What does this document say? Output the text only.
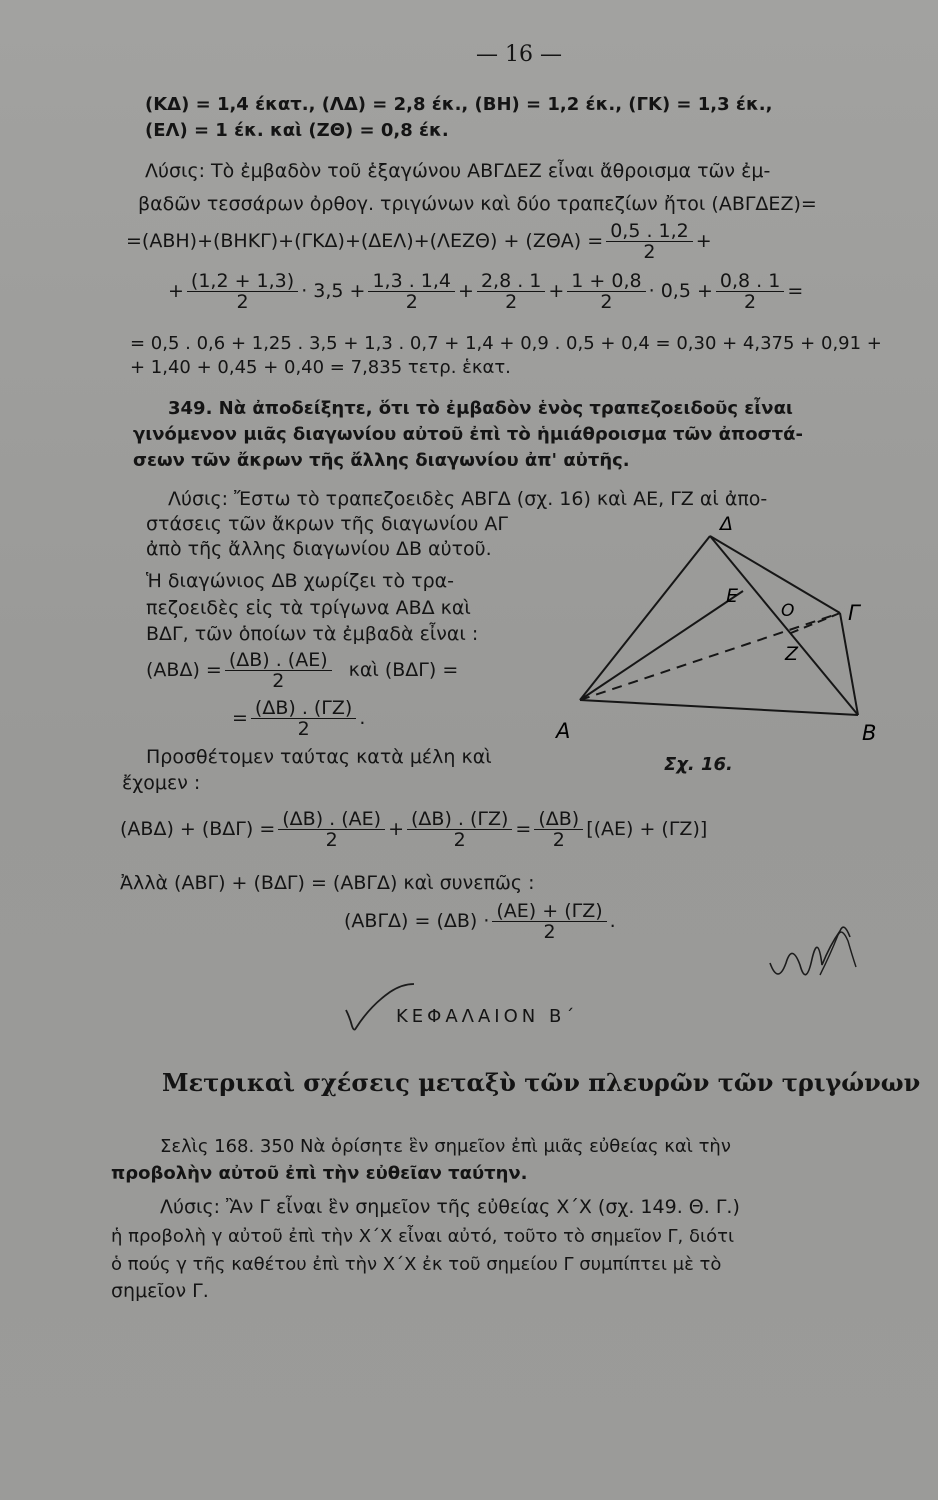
— 16 —
(ΚΔ) = 1,4 έκατ., (ΛΔ) = 2,8 έκ., (ΒΗ) = 1,2 έκ., (ΓΚ) = 1,3 έκ.,
(ΕΛ) = 1 έκ. καὶ (ΖΘ) = 0,8 έκ.
Λύσις: Τὸ ἐμβαδὸν τοῦ ἑξαγώνου ΑΒΓΔΕΖ εἶναι ἄθροισμα τῶν ἐμ-
βαδῶν τεσσάρων ὀρθογ. τριγώνων καὶ δύο τραπεζίων ἤτοι (ΑΒΓΔΕΖ)=
$=(ABH)+(BHK\Gamma)+(\Gamma K\Delta)+(\Delta E\Lambda)+(\Lambda EZ\Theta) + (Z\Theta A) = \frac{0,5 . 1,2}{2}$ +
+ $\frac{(1,2 + 1,3)}{2} \cdot 3,5 + \frac{1,3 . 1,4}{2} + \frac{2,8 . 1}{2} + \frac{1 + 0,8}{2} \cdot 0,5 + \frac{0,8 . 1}{2}$ =
= 0,5 . 0,6 + 1,25 . 3,5 + 1,3 . 0,7 + 1,4 + 0,9 . 0,5 + 0,4 = 0,30 + 4,375 + 0,91 +
+ 1,40 + 0,45 + 0,40 = 7,835 τετρ. ἑκατ.
349. Νὰ ἀποδείξητε, ὅτι τὸ ἐμβαδὸν ἑνὸς τραπεζοειδοῦς εἶναι
γινόμενον μιᾶς διαγωνίου αὐτοῦ ἐπὶ τὸ ἡμιάθροισμα τῶν ἀποστά-
σεων τῶν ἄκρων τῆς ἄλλης διαγωνίου ἀπ' αὐτῆς.
Λύσις: Ἔστω τὸ τραπεζοειδὲς ΑΒΓΔ (σχ. 16) καὶ ΑΕ, ΓΖ αἱ ἀπο-
στάσεις τῶν ἄκρων τῆς διαγωνίου ΑΓ
ἀπὸ τῆς ἄλλης διαγωνίου ΔΒ αὐτοῦ.
Ἡ διαγώνιος ΔΒ χωρίζει τὸ τρα-
πεζοειδὲς εἰς τὰ τρίγωνα ΑΒΔ καὶ
ΒΔΓ, τῶν ὁποίων τὰ ἐμβαδὰ εἶναι :
$(AB\Delta) = \frac{(\Delta B) . (AE)}{2}$ καὶ (ΒΔΓ) =
= $\frac{(\Delta B) . (\Gamma Z)}{2}$ .
Προσθέτομεν ταύτας κατὰ μέλη καὶ
ἔχομεν :
$(AB\Delta) + (B\Delta\Gamma) = \frac{(\Delta B) . (AE)}{2} + \frac{(\Delta B) . (\Gamma Z)}{2} = \frac{(\Delta B)}{2} [(AE) + (\Gamma Z)]$
Ἀλλὰ (ΑΒΓ) + (ΒΔΓ) = (ΑΒΓΔ) καὶ συνεπῶς :
$(AB\Gamma\Delta) = (\Delta B) \cdot \frac{(AE) + (\Gamma Z)}{2}$ .
Δ
Ε
Ο	Γ
Ζ
Α	Β
Σχ. 16.
ΚΕΦΑΛΑΙΟΝ Β΄
Μετρικαὶ σχέσεις μεταξὺ τῶν πλευρῶν τῶν τριγώνων
Σελὶς 168. 350 Νὰ ὁρίσητε ἓν σημεῖον ἐπὶ μιᾶς εὐθείας καὶ τὴν
προβολὴν αὐτοῦ ἐπὶ τὴν εὐθεῖαν ταύτην.
Λύσις: Ἂν Γ εἶναι ἓν σημεῖον τῆς εὐθείας Χ΄Χ (σχ. 149. Θ. Γ.)
ἡ προβολὴ γ αὐτοῦ ἐπὶ τὴν Χ΄Χ εἶναι αὐτό, τοῦτο τὸ σημεῖον Γ, διότι
ὁ πούς γ τῆς καθέτου ἐπὶ τὴν Χ΄Χ ἐκ τοῦ σημείου Γ συμπίπτει μὲ τὸ
σημεῖον Γ.
